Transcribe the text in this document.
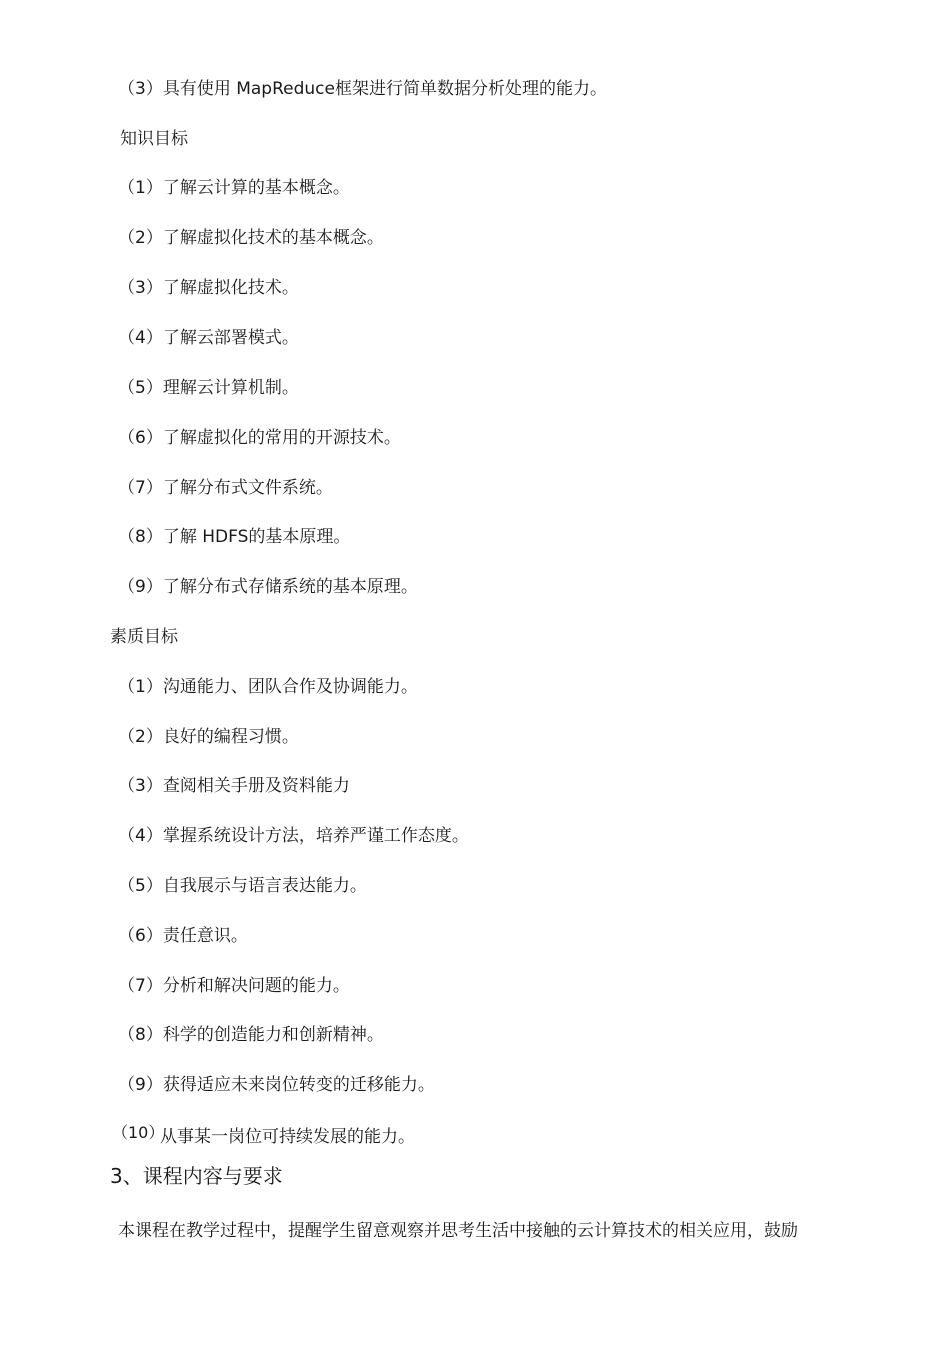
（3）具有使用 MapReduce框架进行简单数据分析处理的能力。
知识目标
（1）了解云计算的基本概念。
（2）了解虚拟化技术的基本概念。
（3）了解虚拟化技术。
（4）了解云部署模式。
（5）理解云计算机制。
（6）了解虚拟化的常用的开源技术。
（7）了解分布式文件系统。
（8）了解 HDFS的基本原理。
（9）了解分布式存储系统的基本原理。
素质目标
（1）沟通能力、团队合作及协调能力。
（2）良好的编程习惯。
（3）查阅相关手册及资料能力
（4）掌握系统设计方法，培养严谨工作态度。
（5）自我展示与语言表达能力。
（6）责任意识。
（7）分析和解决问题的能力。
（8）科学的创造能力和创新精神。
（9）获得适应未来岗位转变的迁移能力。
（10）
从事某一岗位可持续发展的能力。
3、课程内容与要求
本课程在教学过程中，提醒学生留意观察并思考生活中接触的云计算技术的相关应用，鼓励
